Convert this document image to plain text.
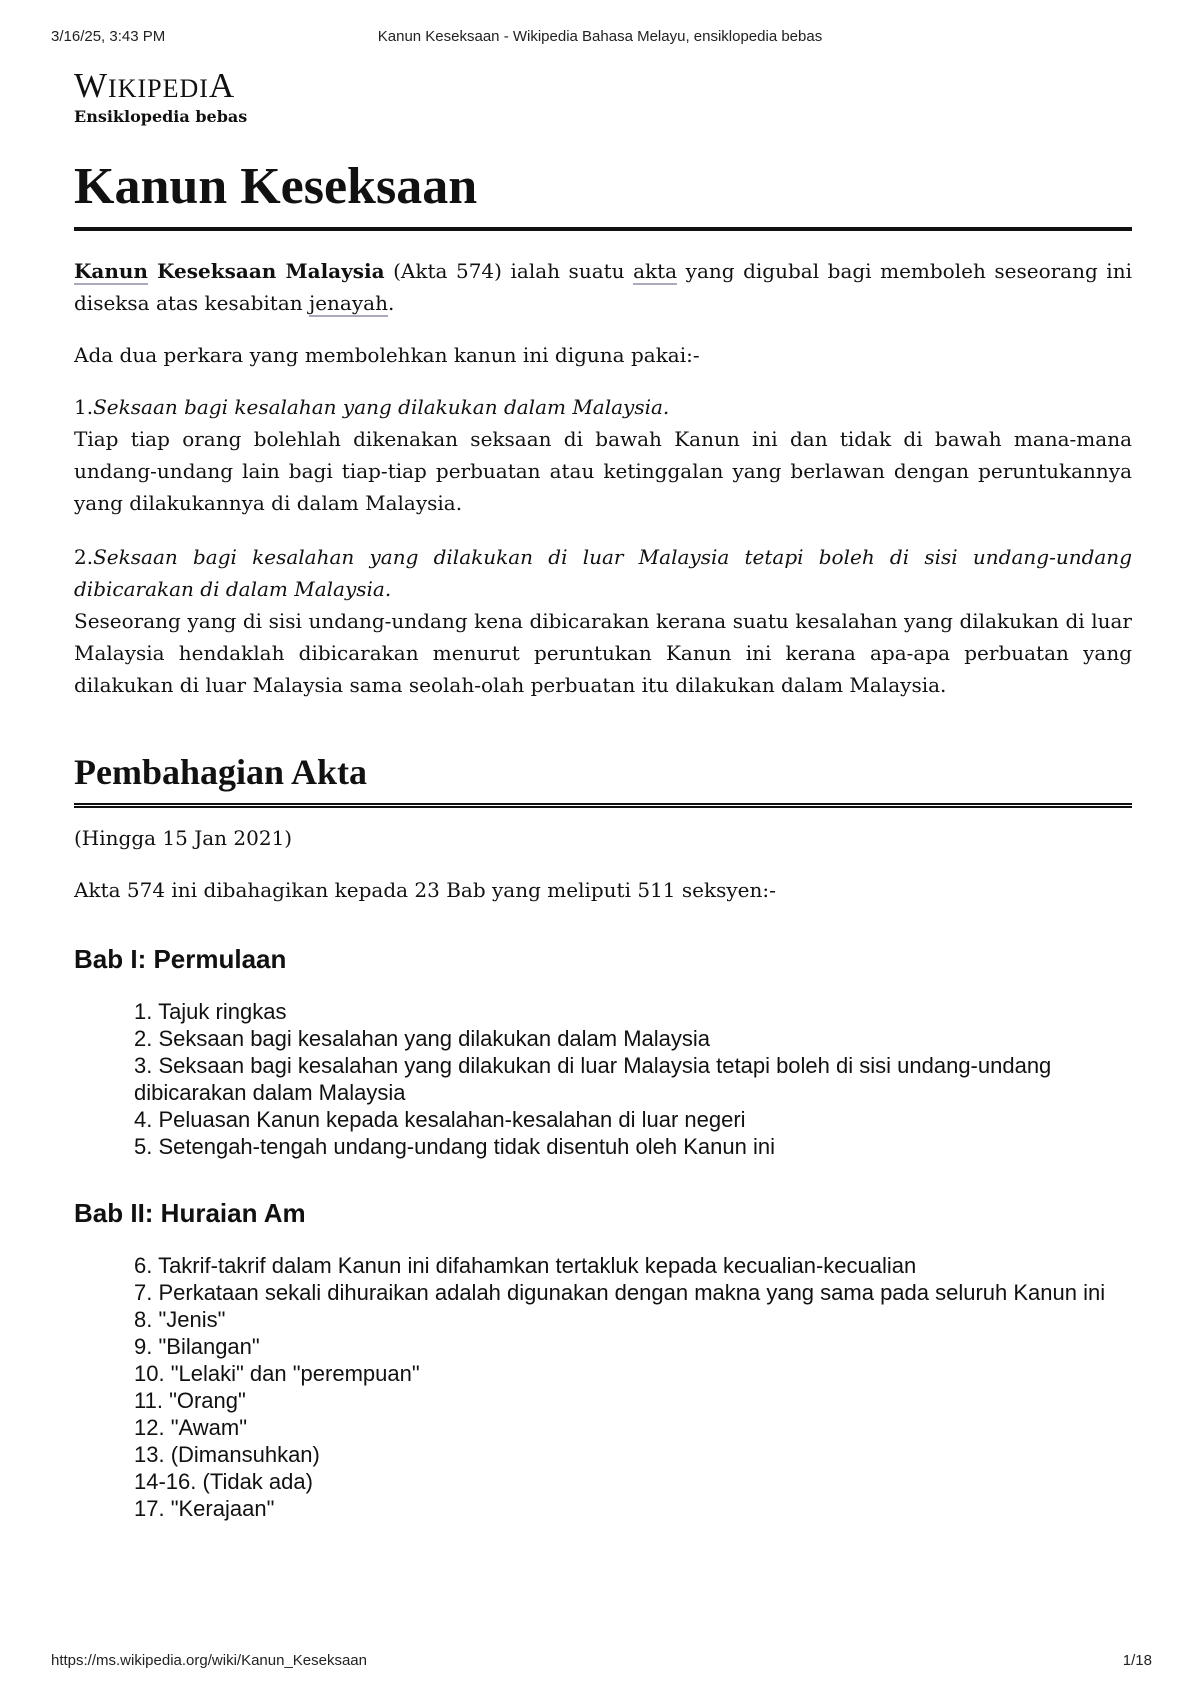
3/16/25, 3:43 PM	Kanun Keseksaan - Wikipedia Bahasa Melayu, ensiklopedia bebas
WIKIPEDIA
Ensiklopedia bebas
Kanun Keseksaan

Kanun Keseksaan Malaysia (Akta 574) ialah suatu akta yang digubal bagi memboleh seseorang ini diseksa atas kesabitan jenayah.

Ada dua perkara yang membolehkan kanun ini diguna pakai:-

1.Seksaan bagi kesalahan yang dilakukan dalam Malaysia.

Tiap tiap orang bolehlah dikenakan seksaan di bawah Kanun ini dan tidak di bawah mana-mana undang-undang lain bagi tiap-tiap perbuatan atau ketinggalan yang berlawan dengan peruntukannya yang dilakukannya di dalam Malaysia.

2.Seksaan bagi kesalahan yang dilakukan di luar Malaysia tetapi boleh di sisi undang-undang dibicarakan di dalam Malaysia.

Seseorang yang di sisi undang-undang kena dibicarakan kerana suatu kesalahan yang dilakukan di luar Malaysia hendaklah dibicarakan menurut peruntukan Kanun ini kerana apa-apa perbuatan yang dilakukan di luar Malaysia sama seolah-olah perbuatan itu dilakukan dalam Malaysia.

Pembahagian Akta

(Hingga 15 Jan 2021)

Akta 574 ini dibahagikan kepada 23 Bab yang meliputi 511 seksyen:-

Bab I: Permulaan
1. Tajuk ringkas
2. Seksaan bagi kesalahan yang dilakukan dalam Malaysia
3. Seksaan bagi kesalahan yang dilakukan di luar Malaysia tetapi boleh di sisi undang-undang dibicarakan dalam Malaysia
4. Peluasan Kanun kepada kesalahan-kesalahan di luar negeri
5. Setengah-tengah undang-undang tidak disentuh oleh Kanun ini
Bab II: Huraian Am
6. Takrif-takrif dalam Kanun ini difahamkan tertakluk kepada kecualian-kecualian
7. Perkataan sekali dihuraikan adalah digunakan dengan makna yang sama pada seluruh Kanun ini
8. "Jenis"
9. "Bilangan"
10. "Lelaki" dan "perempuan"
11. "Orang"
12. "Awam"
13. (Dimansuhkan)
14-16. (Tidak ada)
17. "Kerajaan"
https://ms.wikipedia.org/wiki/Kanun_Keseksaan	1/18
